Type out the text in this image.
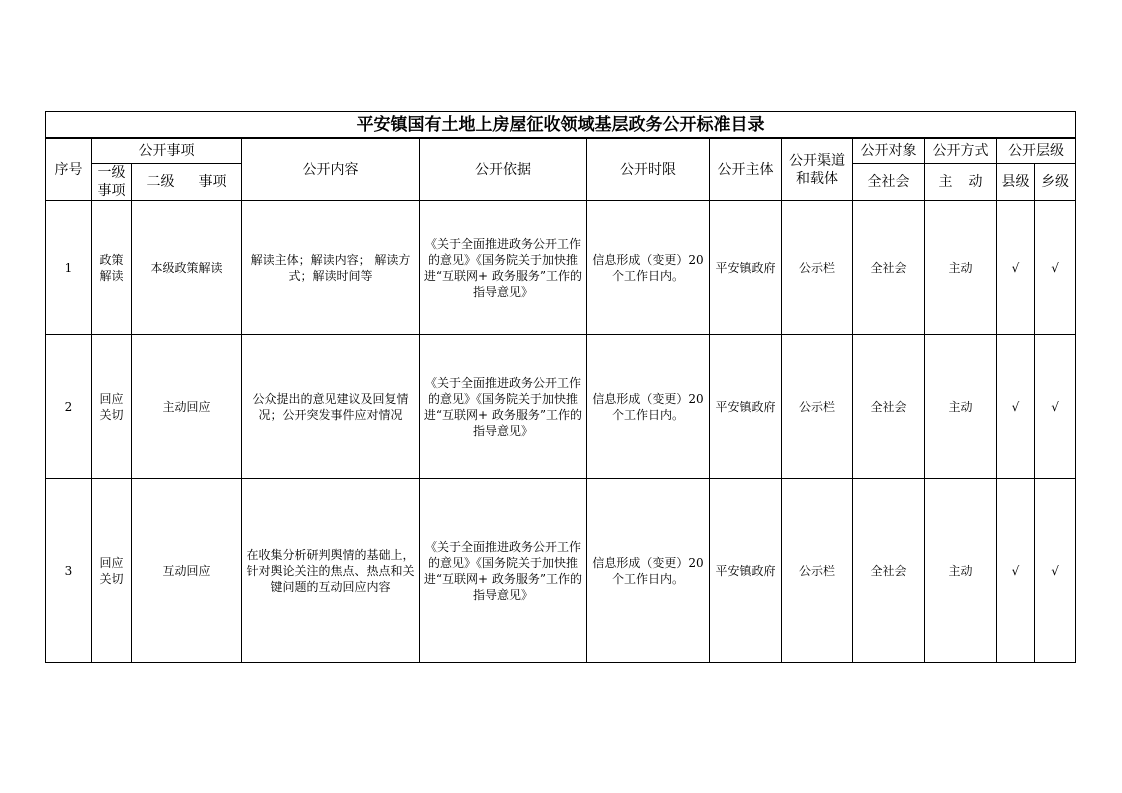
平安镇国有土地上房屋征收领域基层政务公开标准目录											
序号	公开事项		公开内容	公开依据	公开时限	公开主体	公开渠道和载体	公开对象	公开方式	公开层级	
	一级事项	二级 事项						全社会	主 动	县级	乡级
1	政策解读	本级政策解读	解读主体；解读内容； 解读方式；解读时间等	《关于全面推进政务公开工作的意见》《国务院关于加快推进“互联网+ 政务服务”工作的指导意见》	信息形成（变更）20个工作日内。	平安镇政府	公示栏	全社会	主动	√	√
2	回应关切	主动回应	公众提出的意见建议及回复情况；公开突发事件应对情况	《关于全面推进政务公开工作的意见》《国务院关于加快推进“互联网+ 政务服务”工作的指导意见》	信息形成（变更）20个工作日内。	平安镇政府	公示栏	全社会	主动	√	√
3	回应关切	互动回应	在收集分析研判舆情的基础上，针对舆论关注的焦点、热点和关键问题的互动回应内容	《关于全面推进政务公开工作的意见》《国务院关于加快推进“互联网+ 政务服务”工作的指导意见》	信息形成（变更）20个工作日内。	平安镇政府	公示栏	全社会	主动	√	√
